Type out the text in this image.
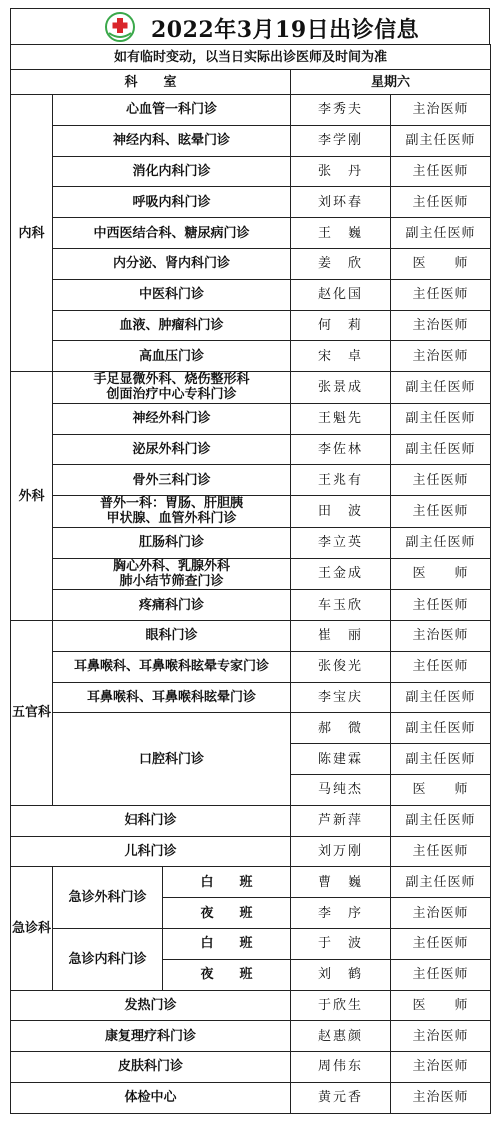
2022年3月19日出诊信息
如有临时变动，以当日实际出诊医师及时间为准				
科　　室			星期六	
内科	心血管一科门诊		李秀夫	主治医师
	神经内科、眩晕门诊		李学刚	副主任医师
	消化内科门诊		张　丹	主任医师
	呼吸内科门诊		刘环春	主任医师
	中西医结合科、糖尿病门诊		王　巍	副主任医师
	内分泌、肾内科门诊		姜　欣	医　　师
	中医科门诊		赵化国	主任医师
	血液、肿瘤科门诊		何　莉	主治医师
	高血压门诊		宋　卓	主治医师
外科	手足显微外科、烧伤整形科
创面治疗中心专科门诊		张景成	副主任医师
	神经外科门诊		王魁先	副主任医师
	泌尿外科门诊		李佐林	副主任医师
	骨外三科门诊		王兆有	主任医师

	普外一科：胃肠、肝胆胰
甲状腺、血管外科门诊		田　波	主任医师
	肛肠科门诊		李立英	副主任医师

	胸心外科、乳腺外科
肺小结节筛查门诊		王金成	医　　师
	疼痛科门诊		车玉欣	主任医师
五官科	眼科门诊		崔　丽	主治医师
	耳鼻喉科、耳鼻喉科眩晕专家门诊		张俊光	主任医师
	耳鼻喉科、耳鼻喉科眩晕门诊		李宝庆	副主任医师
	口腔科门诊		郝　微	副主任医师
			陈建霖	副主任医师
			马纯杰	医　　师
妇科门诊			芦新萍	副主任医师
儿科门诊			刘万刚	主任医师
急诊科	急诊外科门诊	白　　班	曹　巍	副主任医师
		夜　　班	李　序	主治医师
	急诊内科门诊	白　　班	于　波	主任医师
		夜　　班	刘　鹤	主任医师
发热门诊			于欣生	医　　师
康复理疗科门诊			赵惠颜	主治医师
皮肤科门诊			周伟东	主治医师
体检中心			黄元香	主治医师
